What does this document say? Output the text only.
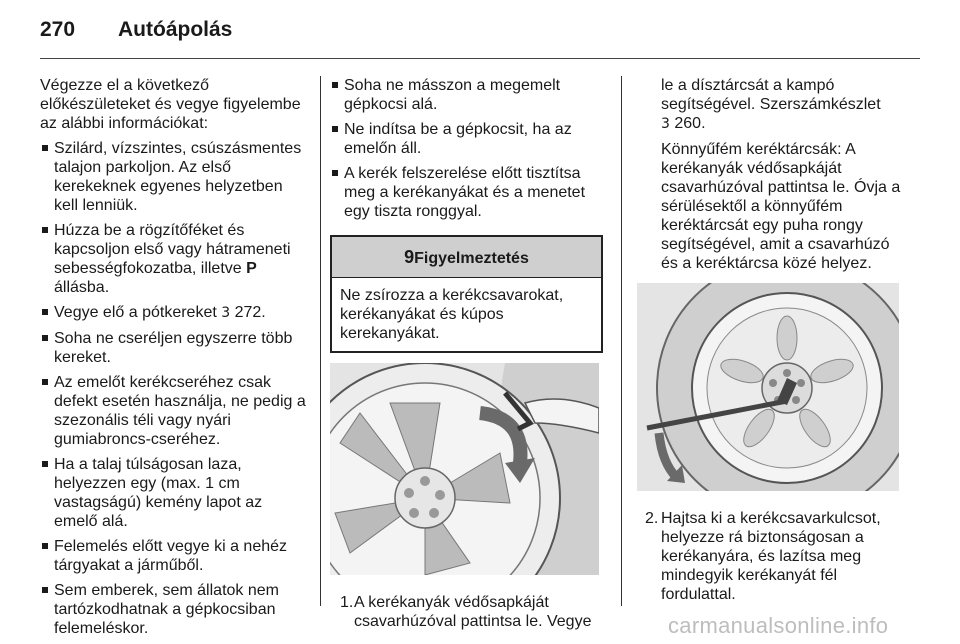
270 Autóápolás

Végezze el a következő előkészületeket és vegye figyelembe az alábbi információkat:

Szilárd, vízszintes, csúszásmentes talajon parkoljon. Az első kerekeknek egyenes helyzetben kell lenniük.
Húzza be a rögzítőféket és kapcsoljon első vagy hátrameneti sebességfokozatba, illetve P
állásba.
Vegye elő a pótkereket 3 272.
Soha ne cseréljen egyszerre több kereket.
Az emelőt kerékcseréhez csak defekt esetén használja, ne pedig a szezonális téli vagy nyári gumiabroncs-cseréhez.
Ha a talaj túlságosan laza, helyezzen egy (max. 1 cm vastagságú) kemény lapot az emelő alá.
Felemelés előtt vegye ki a nehéz tárgyakat a járműből.
Sem emberek, sem állatok nem tartózkodhatnak a gépkocsiban felemeléskor.
Soha ne másszon a megemelt gépkocsi alá.
Ne indítsa be a gépkocsit, ha az emelőn áll.
A kerék felszerelése előtt tisztítsa meg a kerékanyákat és a menetet egy tiszta ronggyal.
9Figyelmeztetés
Ne zsírozza a kerékcsavarokat, kerékanyákat és kúpos kerekanyákat.
1. A kerékanyák védősapkáját csavarhúzóval pattintsa le. Vegye
le a dísztárcsát a kampó segítségével. Szerszámkészlet
3 260.
Könnyűfém keréktárcsák: A kerékanyák védősapkáját csavarhúzóval pattintsa le. Óvja a sérülésektől a könnyűfém keréktárcsát egy puha rongy segítségével, amit a csavarhúzó és a keréktárcsa közé helyez.
2. Hajtsa ki a kerékcsavarkulcsot, helyezze rá biztonságosan a kerékanyára, és lazítsa meg mindegyik kerékanyát fél fordulattal.
carmanualsonline.info
